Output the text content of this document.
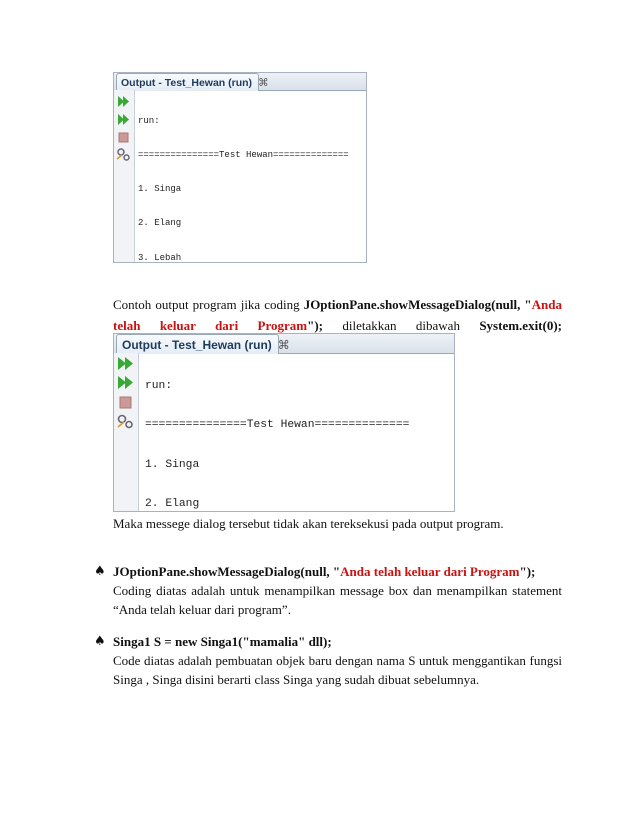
Output - Test_Hewan (run) ⌘

run:

===============Test Hewan==============

1. Singa

2. Elang

3. Lebah

Contoh output program jika coding JOptionPane.showMessageDialog(null, "Anda telah keluar dari Program"); diletakkan dibawah System.exit(0);

Output - Test_Hewan (run) ⌘

run:

===============Test Hewan==============

1. Singa

2. Elang

Maka messege dialog tersebut tidak akan tereksekusi pada output program.

♠ JOptionPane.showMessageDialog(null, "Anda telah keluar dari Program");

Coding diatas adalah untuk menampilkan message box dan menampilkan statement

“Anda telah keluar dari program”.

♠ Singa1 S = new Singa1("mamalia" dll);

Code diatas adalah pembuatan objek baru dengan nama S untuk menggantikan fungsi

Singa , Singa disini berarti class Singa yang sudah dibuat sebelumnya.
